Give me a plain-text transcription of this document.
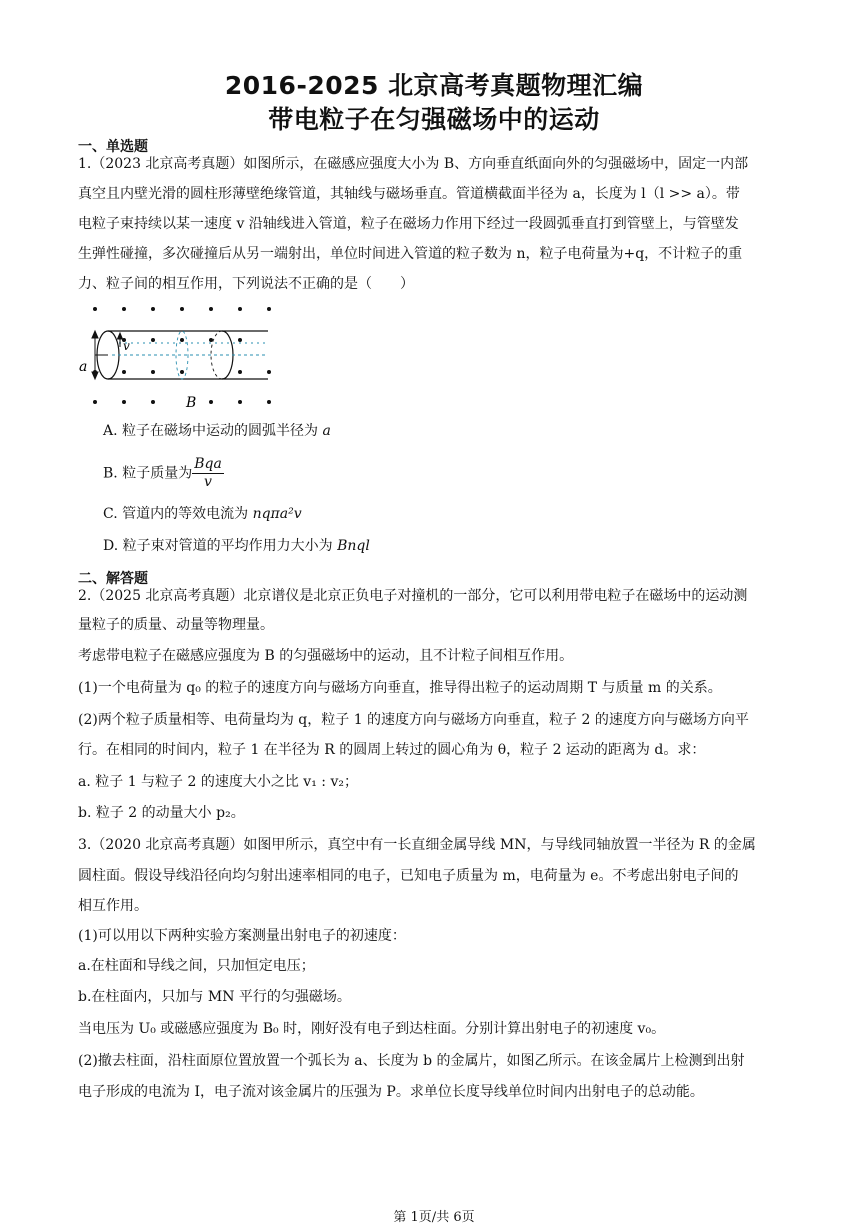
2016-2025 北京高考真题物理汇编
带电粒子在匀强磁场中的运动
一、单选题
1.（2023 北京高考真题）如图所示，在磁感应强度大小为 B、方向垂直纸面向外的匀强磁场中，固定一内部
真空且内壁光滑的圆柱形薄壁绝缘管道，其轴线与磁场垂直。管道横截面半径为 a，长度为 l（l >> a）。带
电粒子束持续以某一速度 v 沿轴线进入管道，粒子在磁场力作用下经过一段圆弧垂直打到管壁上，与管壁发
生弹性碰撞，多次碰撞后从另一端射出，单位时间进入管道的粒子数为 n，粒子电荷量为+q，不计粒子的重
力、粒子间的相互作用，下列说法不正确的是（　　）
v
a
B
A. 粒子在磁场中运动的圆弧半径为 a
B. 粒子质量为 $\frac{\text{Bqa}}{v}$
C. 管道内的等效电流为 nqπa²v
D. 粒子束对管道的平均作用力大小为 Bnql
二、解答题
2.（2025 北京高考真题）北京谱仪是北京正负电子对撞机的一部分，它可以利用带电粒子在磁场中的运动测
量粒子的质量、动量等物理量。
考虑带电粒子在磁感应强度为 B 的匀强磁场中的运动，且不计粒子间相互作用。
(1)一个电荷量为 q₀ 的粒子的速度方向与磁场方向垂直，推导得出粒子的运动周期 T 与质量 m 的关系。
(2)两个粒子质量相等、电荷量均为 q，粒子 1 的速度方向与磁场方向垂直，粒子 2 的速度方向与磁场方向平
行。在相同的时间内，粒子 1 在半径为 R 的圆周上转过的圆心角为 θ，粒子 2 运动的距离为 d。求：
a. 粒子 1 与粒子 2 的速度大小之比 v₁ : v₂；
b. 粒子 2 的动量大小 p₂。
3.（2020 北京高考真题）如图甲所示，真空中有一长直细金属导线 MN，与导线同轴放置一半径为 R 的金属
圆柱面。假设导线沿径向均匀射出速率相同的电子，已知电子质量为 m，电荷量为 e。不考虑出射电子间的
相互作用。
(1)可以用以下两种实验方案测量出射电子的初速度：
a.在柱面和导线之间，只加恒定电压；
b.在柱面内，只加与 MN 平行的匀强磁场。
当电压为 U₀ 或磁感应强度为 B₀ 时，刚好没有电子到达柱面。分别计算出射电子的初速度 v₀。
(2)撤去柱面，沿柱面原位置放置一个弧长为 a、长度为 b 的金属片，如图乙所示。在该金属片上检测到出射
电子形成的电流为 I，电子流对该金属片的压强为 P。求单位长度导线单位时间内出射电子的总动能。
第 1页/共 6页
